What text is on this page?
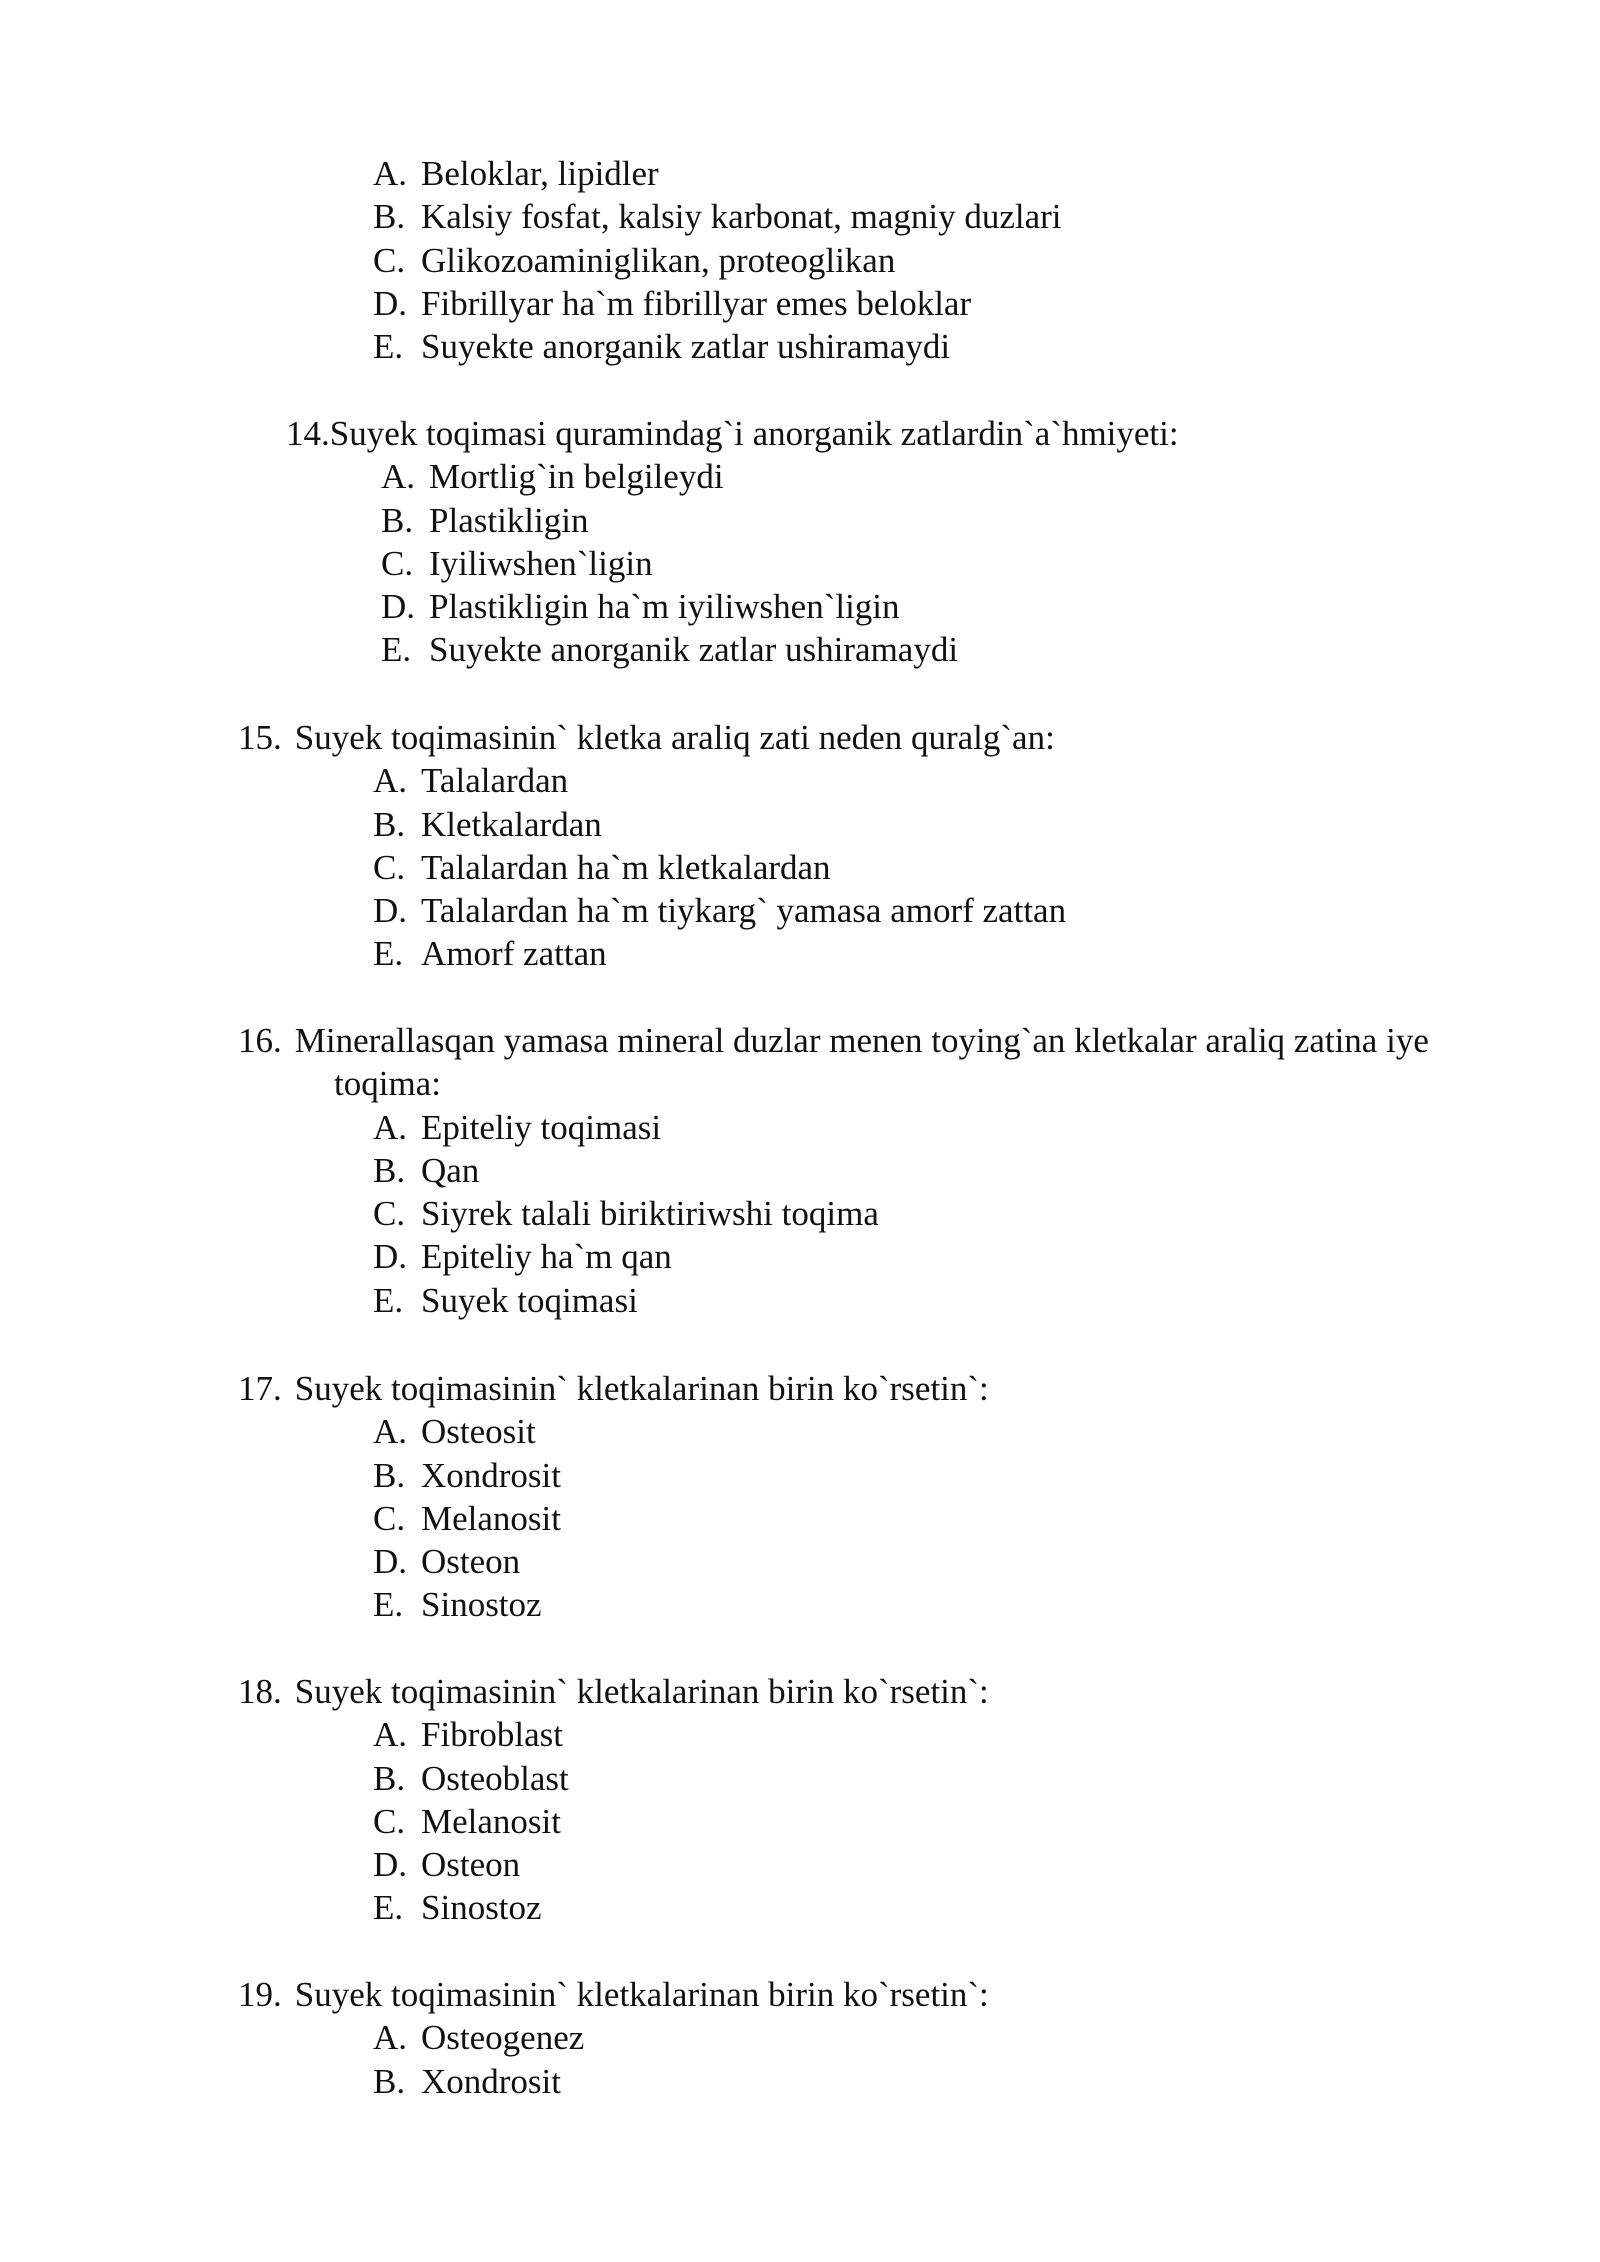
A. Beloklar, lipidler
B. Kalsiy fosfat, kalsiy karbonat, magniy duzlari
C. Glikozoaminiglikan, proteoglikan
D. Fibrillyar ha`m fibrillyar emes beloklar
E. Suyekte anorganik zatlar ushiramaydi
14.Suyek toqimasi quramindag`i anorganik zatlardin`a`hmiyeti:
A. Mortlig`in belgileydi
B. Plastikligin
C. Iyiliwshen`ligin
D. Plastikligin ha`m iyiliwshen`ligin
E. Suyekte anorganik zatlar ushiramaydi
15. Suyek toqimasinin` kletka araliq zati neden quralg`an:
A. Talalardan
B. Kletkalardan
C. Talalardan ha`m kletkalardan
D. Talalardan ha`m tiykarg` yamasa amorf zattan
E. Amorf zattan
16. Minerallasqan yamasa mineral duzlar menen toying`an kletkalar araliq zatina iye toqima:
A. Epiteliy toqimasi
B. Qan
C. Siyrek talali biriktiriwshi toqima
D. Epiteliy ha`m qan
E. Suyek toqimasi
17. Suyek toqimasinin` kletkalarinan birin ko`rsetin`:
A. Osteosit
B. Xondrosit
C. Melanosit
D. Osteon
E. Sinostoz
18. Suyek toqimasinin` kletkalarinan birin ko`rsetin`:
A. Fibroblast
B. Osteoblast
C. Melanosit
D. Osteon
E. Sinostoz
19. Suyek toqimasinin` kletkalarinan birin ko`rsetin`:
A. Osteogenez
B. Xondrosit
